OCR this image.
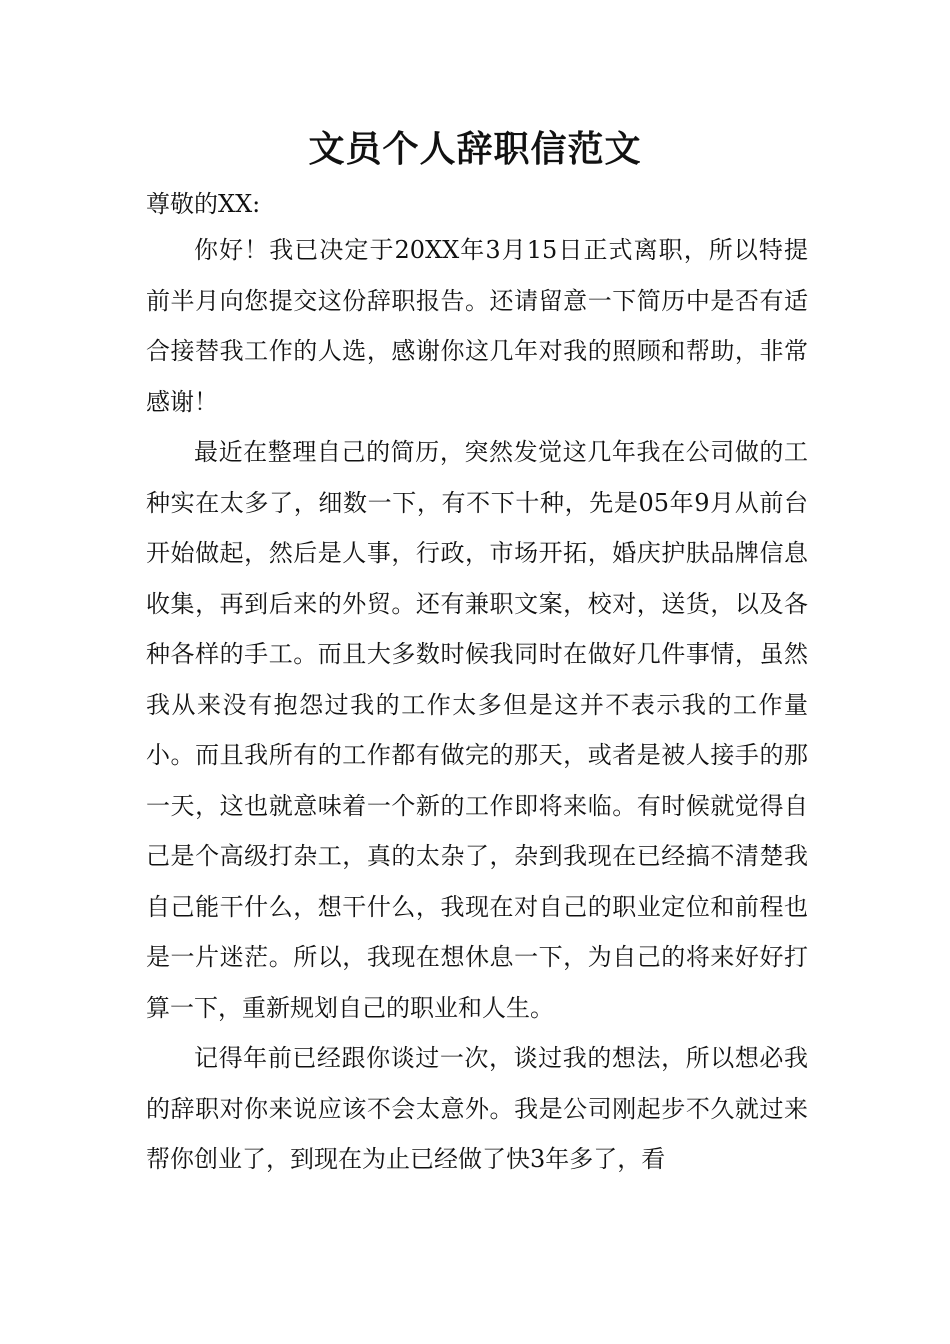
文员个人辞职信范文

尊敬的XX:

你好！我已决定于20XX年3月15日正式离职，所以特提前半月向您提交这份辞职报告。还请留意一下简历中是否有适合接替我工作的人选，感谢你这几年对我的照顾和帮助，非常感谢！

最近在整理自己的简历，突然发觉这几年我在公司做的工种实在太多了，细数一下，有不下十种，先是05年9月从前台开始做起，然后是人事，行政，市场开拓，婚庆护肤品牌信息收集，再到后来的外贸。还有兼职文案，校对，送货，以及各种各样的手工。而且大多数时候我同时在做好几件事情，虽然我从来没有抱怨过我的工作太多但是这并不表示我的工作量小。而且我所有的工作都有做完的那天，或者是被人接手的那一天，这也就意味着一个新的工作即将来临。有时候就觉得自己是个高级打杂工，真的太杂了，杂到我现在已经搞不清楚我自己能干什么，想干什么，我现在对自己的职业定位和前程也是一片迷茫。所以，我现在想休息一下，为自己的将来好好打算一下，重新规划自己的职业和人生。

记得年前已经跟你谈过一次，谈过我的想法，所以想必我的辞职对你来说应该不会太意外。我是公司刚起步不久就过来帮你创业了，到现在为止已经做了快3年多了，看
